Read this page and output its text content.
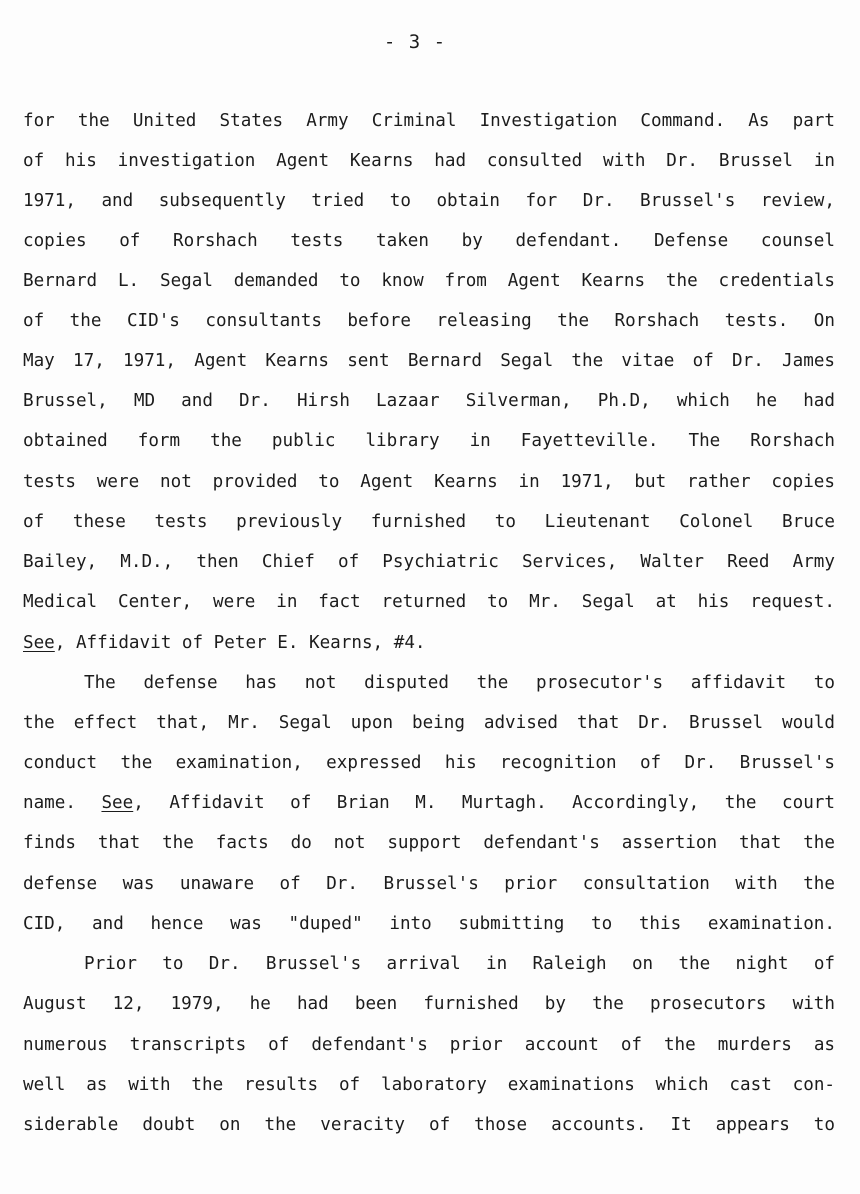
- 3 -
for the United States Army Criminal Investigation Command. As part
of his investigation Agent Kearns had consulted with Dr. Brussel in
1971, and subsequently tried to obtain for Dr. Brussel's review,
copies of Rorshach tests taken by defendant. Defense counsel
Bernard L. Segal demanded to know from Agent Kearns the credentials
of the CID's consultants before releasing the Rorshach tests. On
May 17, 1971, Agent Kearns sent Bernard Segal the vitae of Dr. James
Brussel, MD and Dr. Hirsh Lazaar Silverman, Ph.D, which he had
obtained form the public library in Fayetteville. The Rorshach
tests were not provided to Agent Kearns in 1971, but rather copies
of these tests previously furnished to Lieutenant Colonel Bruce
Bailey, M.D., then Chief of Psychiatric Services, Walter Reed Army
Medical Center, were in fact returned to Mr. Segal at his request.
See, Affidavit of Peter E. Kearns, #4.
The defense has not disputed the prosecutor's affidavit to
the effect that, Mr. Segal upon being advised that Dr. Brussel would
conduct the examination, expressed his recognition of Dr. Brussel's
name. See, Affidavit of Brian M. Murtagh. Accordingly, the court
finds that the facts do not support defendant's assertion that the
defense was unaware of Dr. Brussel's prior consultation with the
CID, and hence was "duped" into submitting to this examination.
Prior to Dr. Brussel's arrival in Raleigh on the night of
August 12, 1979, he had been furnished by the prosecutors with
numerous transcripts of defendant's prior account of the murders as
well as with the results of laboratory examinations which cast con-
siderable doubt on the veracity of those accounts. It appears to
